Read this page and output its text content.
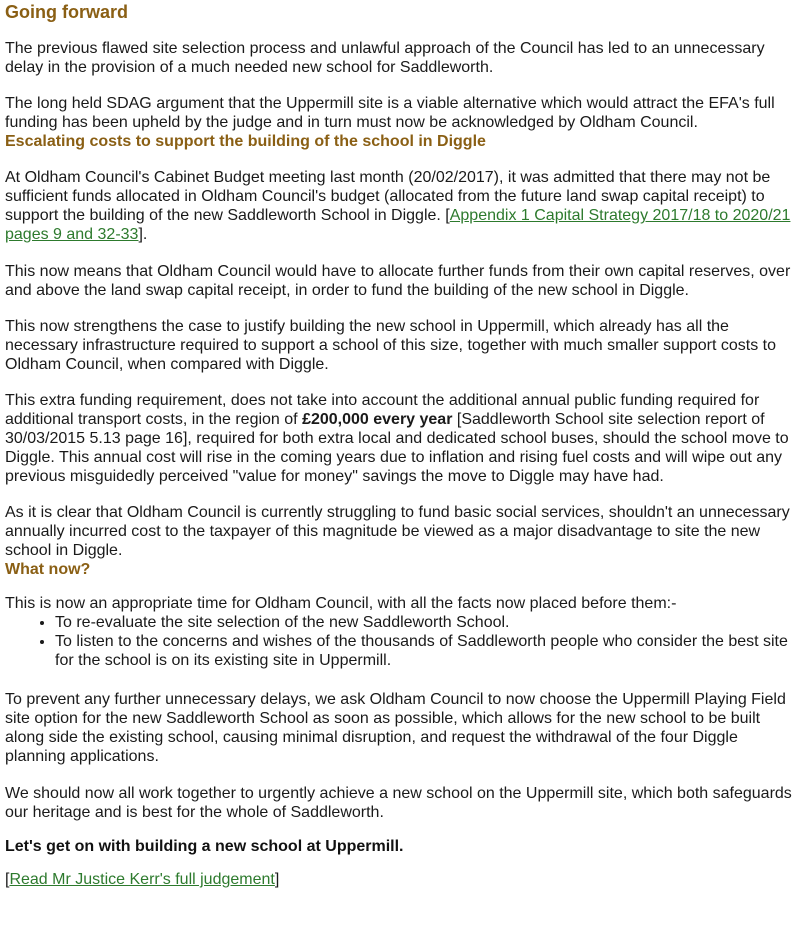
Going forward

The previous flawed site selection process and unlawful approach of the Council has led to an unnecessary delay in the provision of a much needed new school for Saddleworth.

The long held SDAG argument that the Uppermill site is a viable alternative which would attract the EFA's full funding has been upheld by the judge and in turn must now be acknowledged by Oldham Council.

Escalating costs to support the building of the school in Diggle

At Oldham Council's Cabinet Budget meeting last month (20/02/2017), it was admitted that there may not be sufficient funds allocated in Oldham Council's budget (allocated from the future land swap capital receipt) to support the building of the new Saddleworth School in Diggle. [Appendix 1 Capital Strategy 2017/18 to 2020/21 pages 9 and 32-33].

This now means that Oldham Council would have to allocate further funds from their own capital reserves, over and above the land swap capital receipt, in order to fund the building of the new school in Diggle.

This now strengthens the case to justify building the new school in Uppermill, which already has all the necessary infrastructure required to support a school of this size, together with much smaller support costs to Oldham Council, when compared with Diggle.

This extra funding requirement, does not take into account the additional annual public funding required for additional transport costs, in the region of £200,000 every year [Saddleworth School site selection report of 30/03/2015 5.13 page 16], required for both extra local and dedicated school buses, should the school move to Diggle. This annual cost will rise in the coming years due to inflation and rising fuel costs and will wipe out any previous misguidedly perceived "value for money" savings the move to Diggle may have had.

As it is clear that Oldham Council is currently struggling to fund basic social services, shouldn't an unnecessary annually incurred cost to the taxpayer of this magnitude be viewed as a major disadvantage to site the new school in Diggle.

What now?

This is now an appropriate time for Oldham Council, with all the facts now placed before them:-

• To re-evaluate the site selection of the new Saddleworth School.
• To listen to the concerns and wishes of the thousands of Saddleworth people who consider the best site for the school is on its existing site in Uppermill.

To prevent any further unnecessary delays, we ask Oldham Council to now choose the Uppermill Playing Field site option for the new Saddleworth School as soon as possible, which allows for the new school to be built along side the existing school, causing minimal disruption, and request the withdrawal of the four Diggle planning applications.

We should now all work together to urgently achieve a new school on the Uppermill site, which both safeguards our heritage and is best for the whole of Saddleworth.

Let's get on with building a new school at Uppermill.

[Read Mr Justice Kerr's full judgement]
